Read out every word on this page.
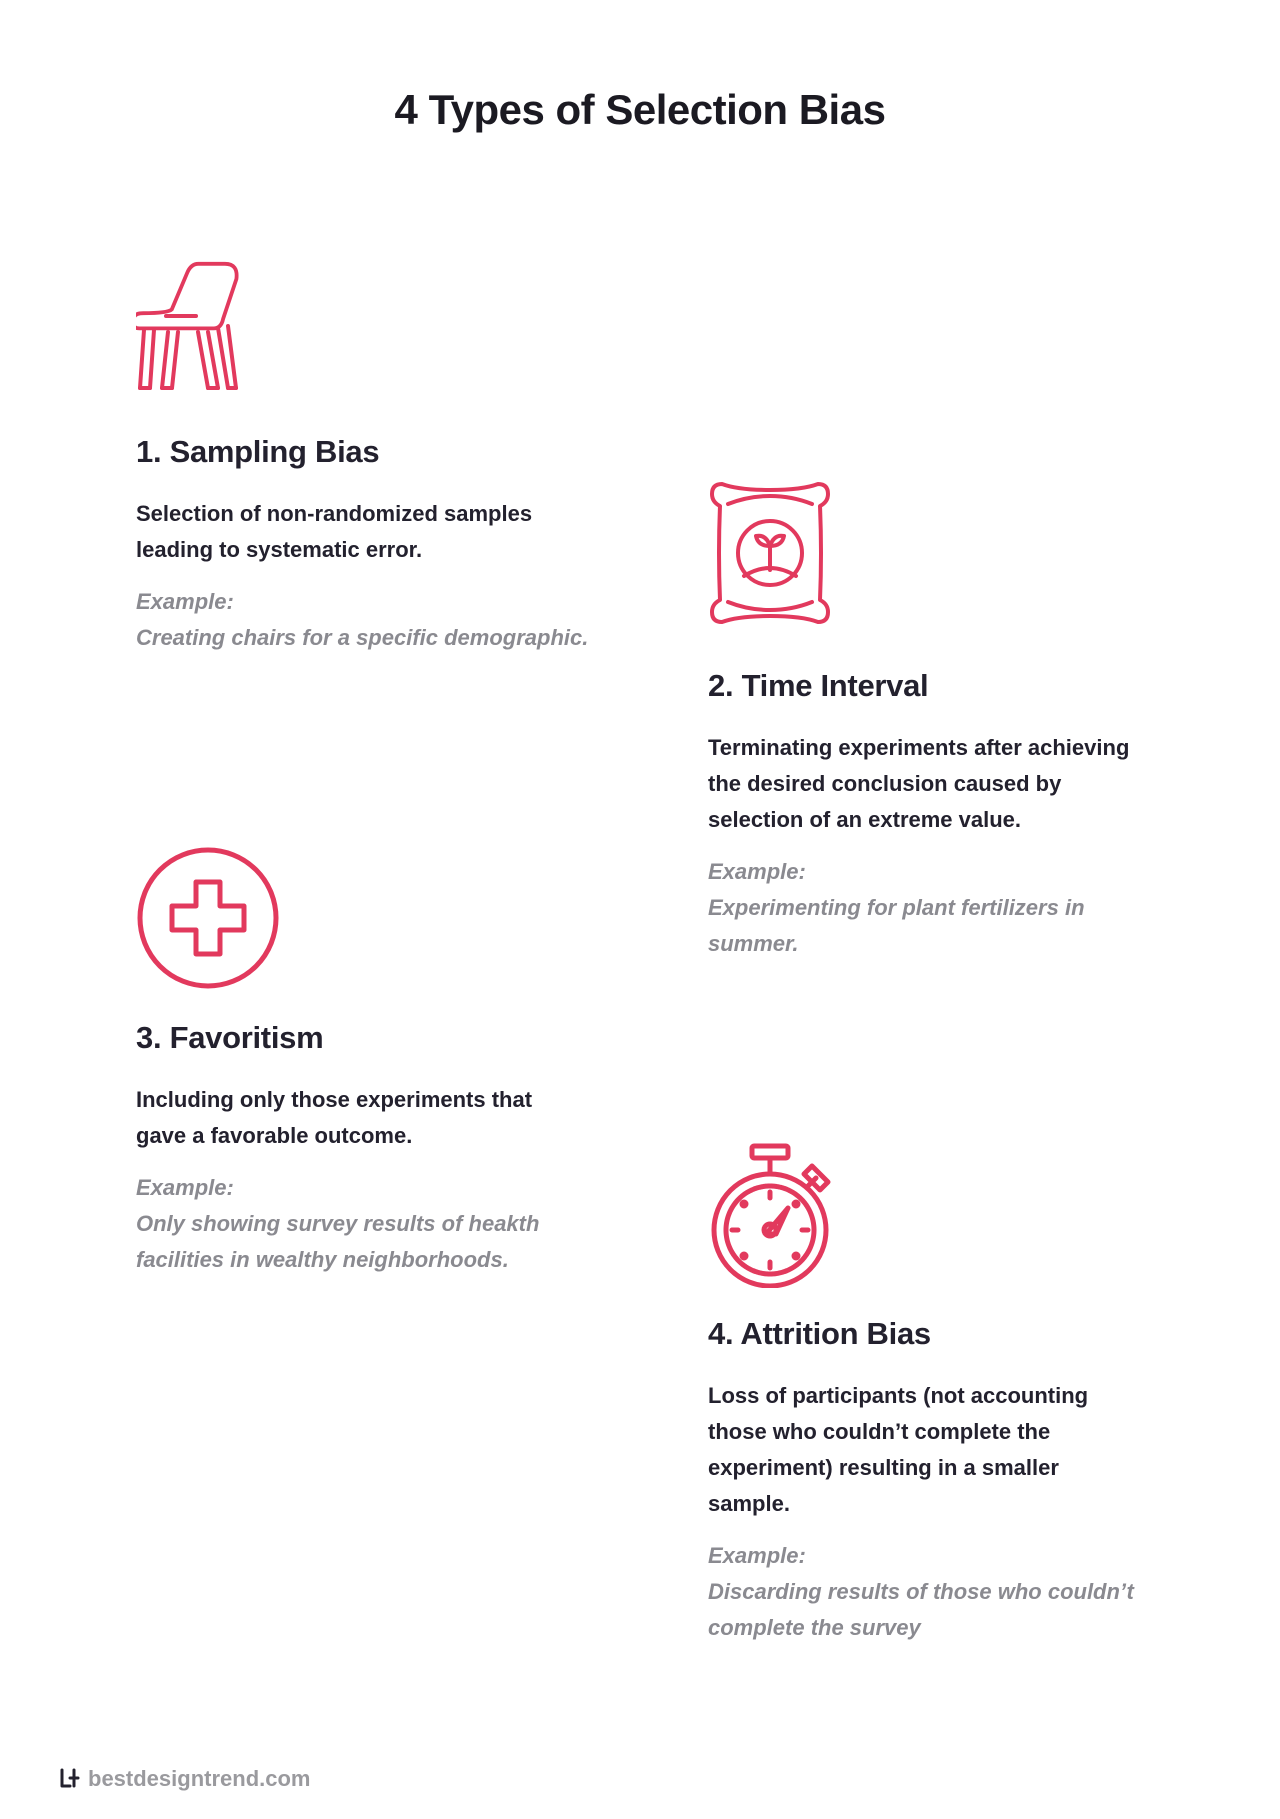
4 Types of Selection Bias
1. Sampling Bias

Selection of non-randomized samples
leading to systematic error.

Example:

Creating chairs for a specific demographic.

2. Time Interval

Terminating experiments after achieving
the desired conclusion caused by
selection of an extreme value.

Example:

Experimenting for plant fertilizers in
summer.

3. Favoritism

Including only those experiments that
gave a favorable outcome.

Example:

Only showing survey results of heakth
facilities in wealthy neighborhoods.

4. Attrition Bias

Loss of participants (not accounting
those who couldn’t complete the
experiment) resulting in a smaller
sample.

Example:

Discarding results of those who couldn’t
complete the survey

bestdesigntrend.com
